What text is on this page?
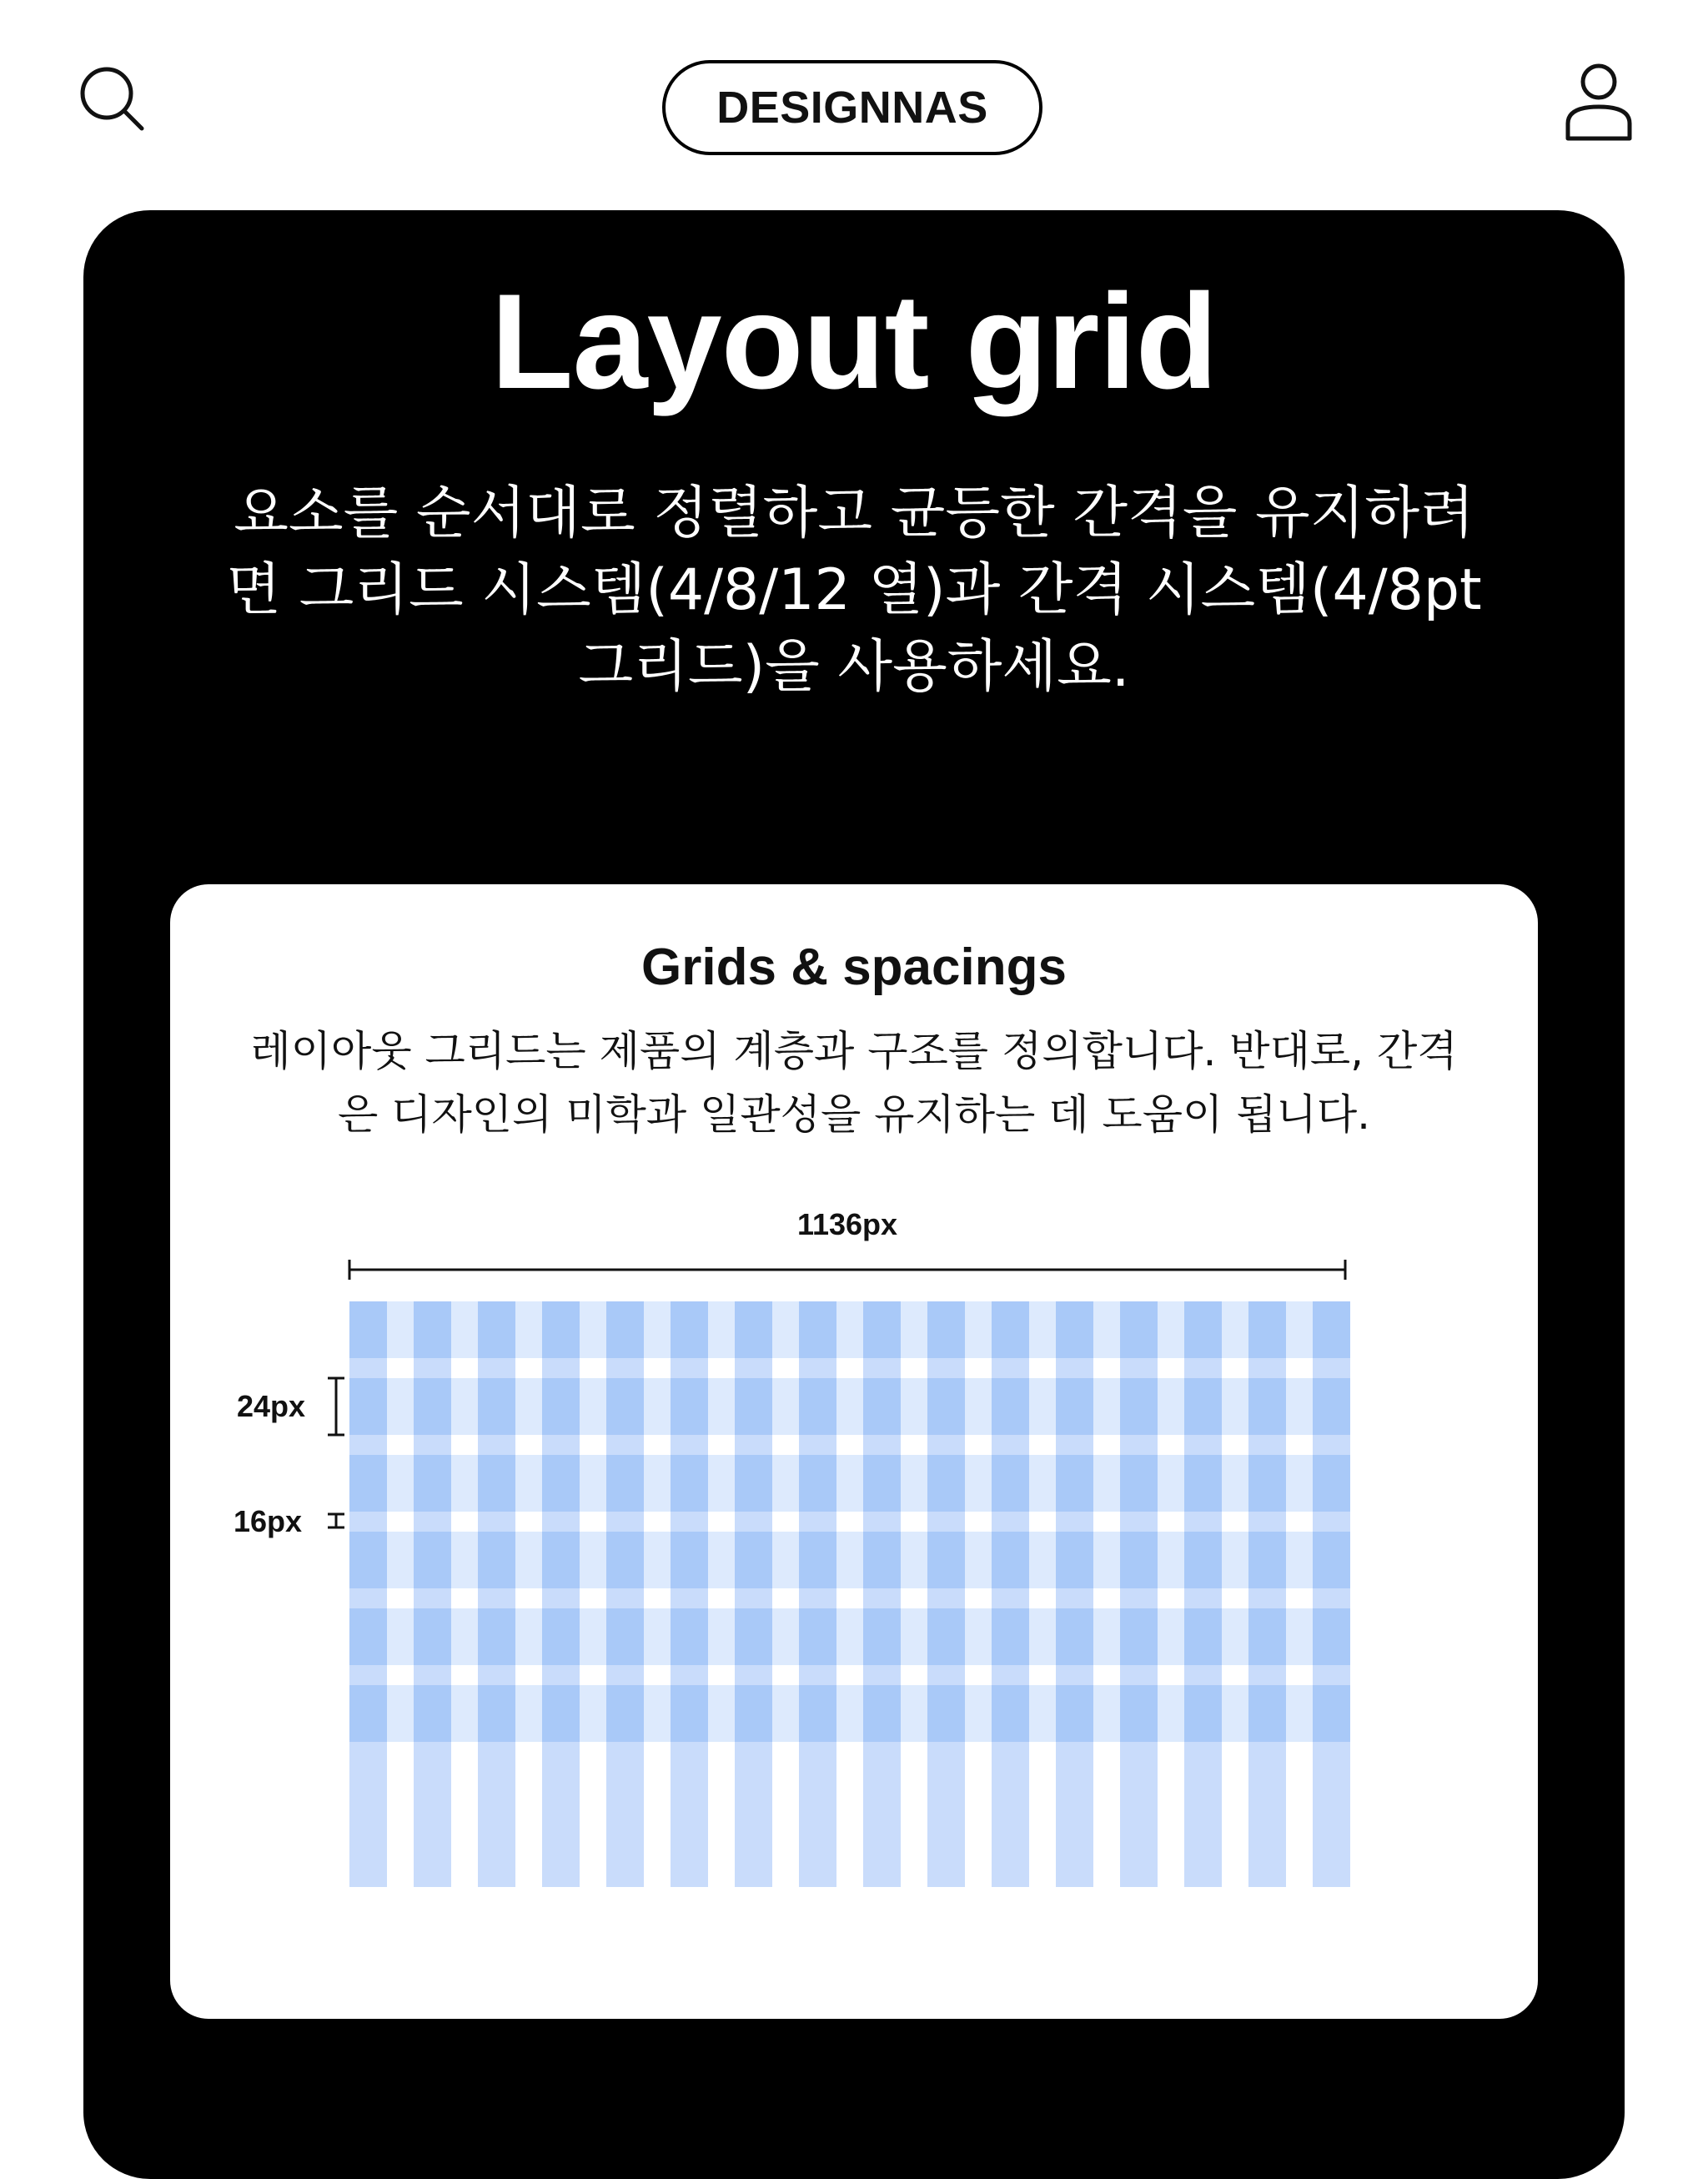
DESIGNNAS
Layout grid
요소를 순서대로 정렬하고 균등한 간격을 유지하려면 그리드 시스템(4/8/12 열)과 간격 시스템(4/8pt 그리드)을 사용하세요.
Grids & spacings
레이아웃 그리드는 제품의 계층과 구조를 정의합니다. 반대로, 간격은 디자인의 미학과 일관성을 유지하는 데 도움이 됩니다.
1136px
24px
16px
